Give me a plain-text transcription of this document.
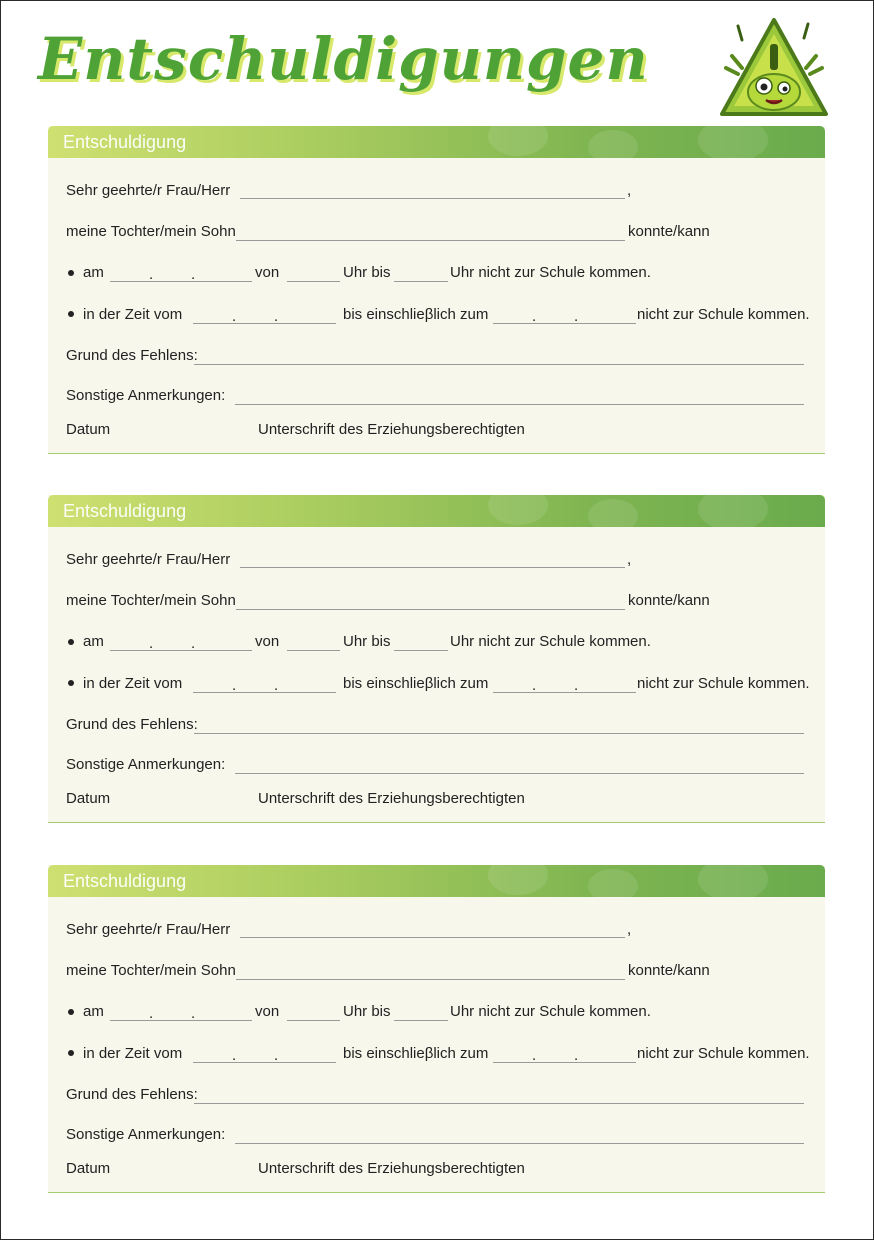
Entschuldigungen
Entschuldigung
Sehr geehrte/r Frau/Herr	,
meine Tochter/mein Sohn	konnte/kann
am	.	.	von	Uhr bis	Uhr nicht zur Schule kommen.
in der Zeit vom	.	.	bis einschlieβlich zum	.	.	nicht zur Schule kommen.
Grund des Fehlens:
Sonstige Anmerkungen:
Datum	Unterschrift des Erziehungsberechtigten
Entschuldigung
Sehr geehrte/r Frau/Herr	,
meine Tochter/mein Sohn	konnte/kann
am	.	.	von	Uhr bis	Uhr nicht zur Schule kommen.
in der Zeit vom	.	.	bis einschlieβlich zum	.	.	nicht zur Schule kommen.
Grund des Fehlens:
Sonstige Anmerkungen:
Datum	Unterschrift des Erziehungsberechtigten
Entschuldigung
Sehr geehrte/r Frau/Herr	,
meine Tochter/mein Sohn	konnte/kann
am	.	.	von	Uhr bis	Uhr nicht zur Schule kommen.
in der Zeit vom	.	.	bis einschlieβlich zum	.	.	nicht zur Schule kommen.
Grund des Fehlens:
Sonstige Anmerkungen:
Datum	Unterschrift des Erziehungsberechtigten
